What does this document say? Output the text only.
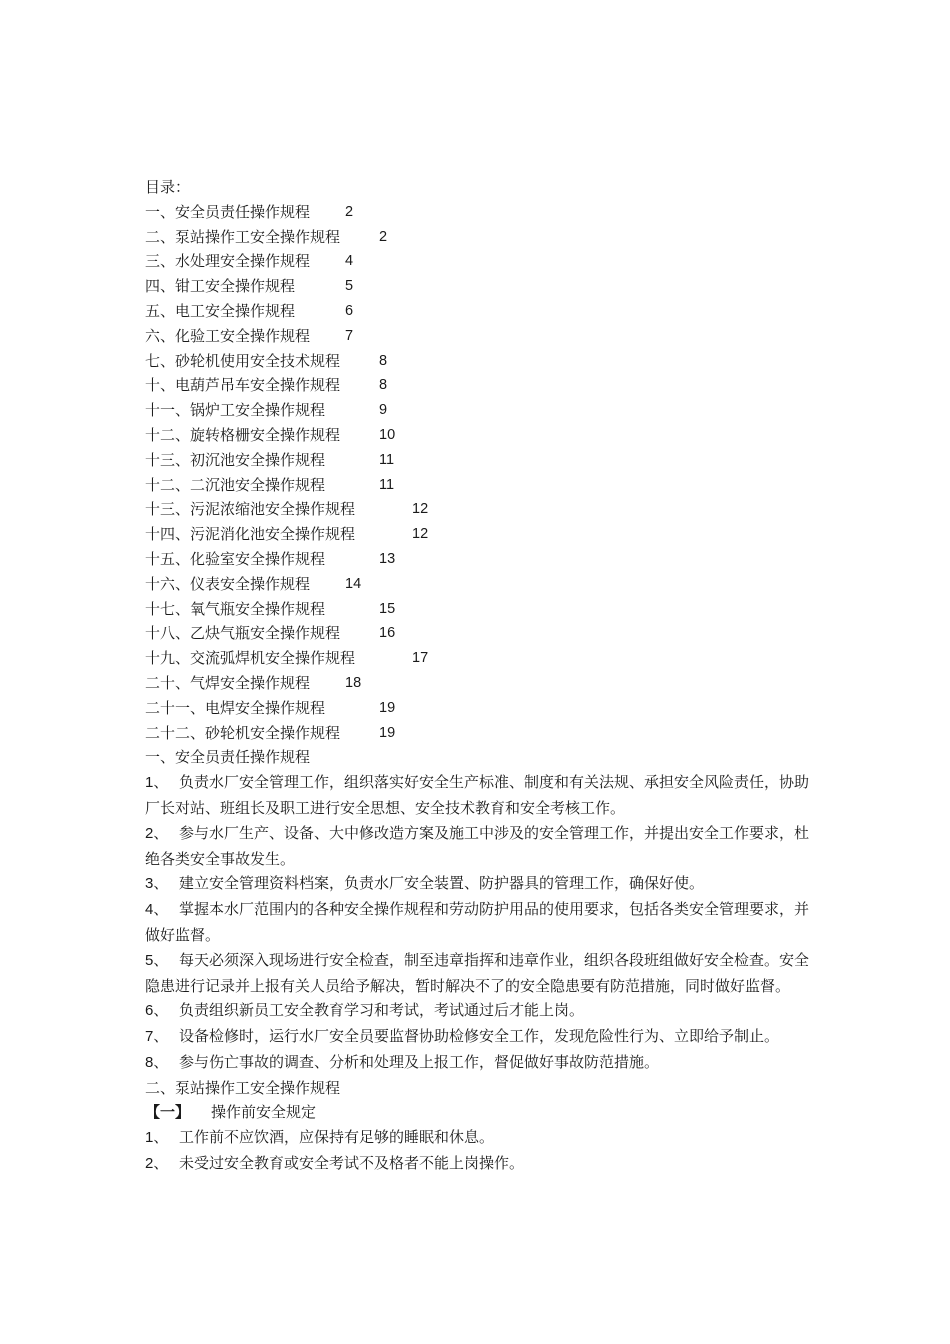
目录：
一、安全员责任操作规程 2
二、泵站操作工安全操作规程	2
三、水处理安全操作规程 4
四、钳工安全操作规程	5
五、电工安全操作规程	6
六、化验工安全操作规程 7
七、砂轮机使用安全技术规程	8
十、电葫芦吊车安全操作规程	8
十一、锅炉工安全操作规程	9
十二、旋转格栅安全操作规程	10
十三、初沉池安全操作规程	11
十二、二沉池安全操作规程	11
十三、污泥浓缩池安全操作规程	12
十四、污泥消化池安全操作规程	12
十五、化验室安全操作规程	13
十六、仪表安全操作规程 14
十七、氧气瓶安全操作规程	15
十八、乙炔气瓶安全操作规程	16
十九、交流弧焊机安全操作规程	17
二十、气焊安全操作规程 18
二十一、电焊安全操作规程	19
二十二、砂轮机安全操作规程	19
一、安全员责任操作规程
1、 负责水厂安全管理工作，组织落实好安全生产标准、制度和有关法规、承担安全风险责任，协助厂长对站、班组长及职工进行安全思想、安全技术教育和安全考核工作。
2、 参与水厂生产、设备、大中修改造方案及施工中涉及的安全管理工作，并提出安全工作要求，杜绝各类安全事故发生。
3、 建立安全管理资料档案，负责水厂安全装置、防护器具的管理工作，确保好使。
4、 掌握本水厂范围内的各种安全操作规程和劳动防护用品的使用要求，包括各类安全管理要求，并做好监督。
5、 每天必须深入现场进行安全检查，制至违章指挥和违章作业，组织各段班组做好安全检查。安全隐患进行记录并上报有关人员给予解决，暂时解决不了的安全隐患要有防范措施，同时做好监督。
6、 负责组织新员工安全教育学习和考试，考试通过后才能上岗。
7、 设备检修时，运行水厂安全员要监督协助检修安全工作，发现危险性行为、立即给予制止。
8、 参与伤亡事故的调查、分析和处理及上报工作，督促做好事故防范措施。
二、泵站操作工安全操作规程
【一】 操作前安全规定
1、 工作前不应饮酒，应保持有足够的睡眠和休息。
2、 未受过安全教育或安全考试不及格者不能上岗操作。
